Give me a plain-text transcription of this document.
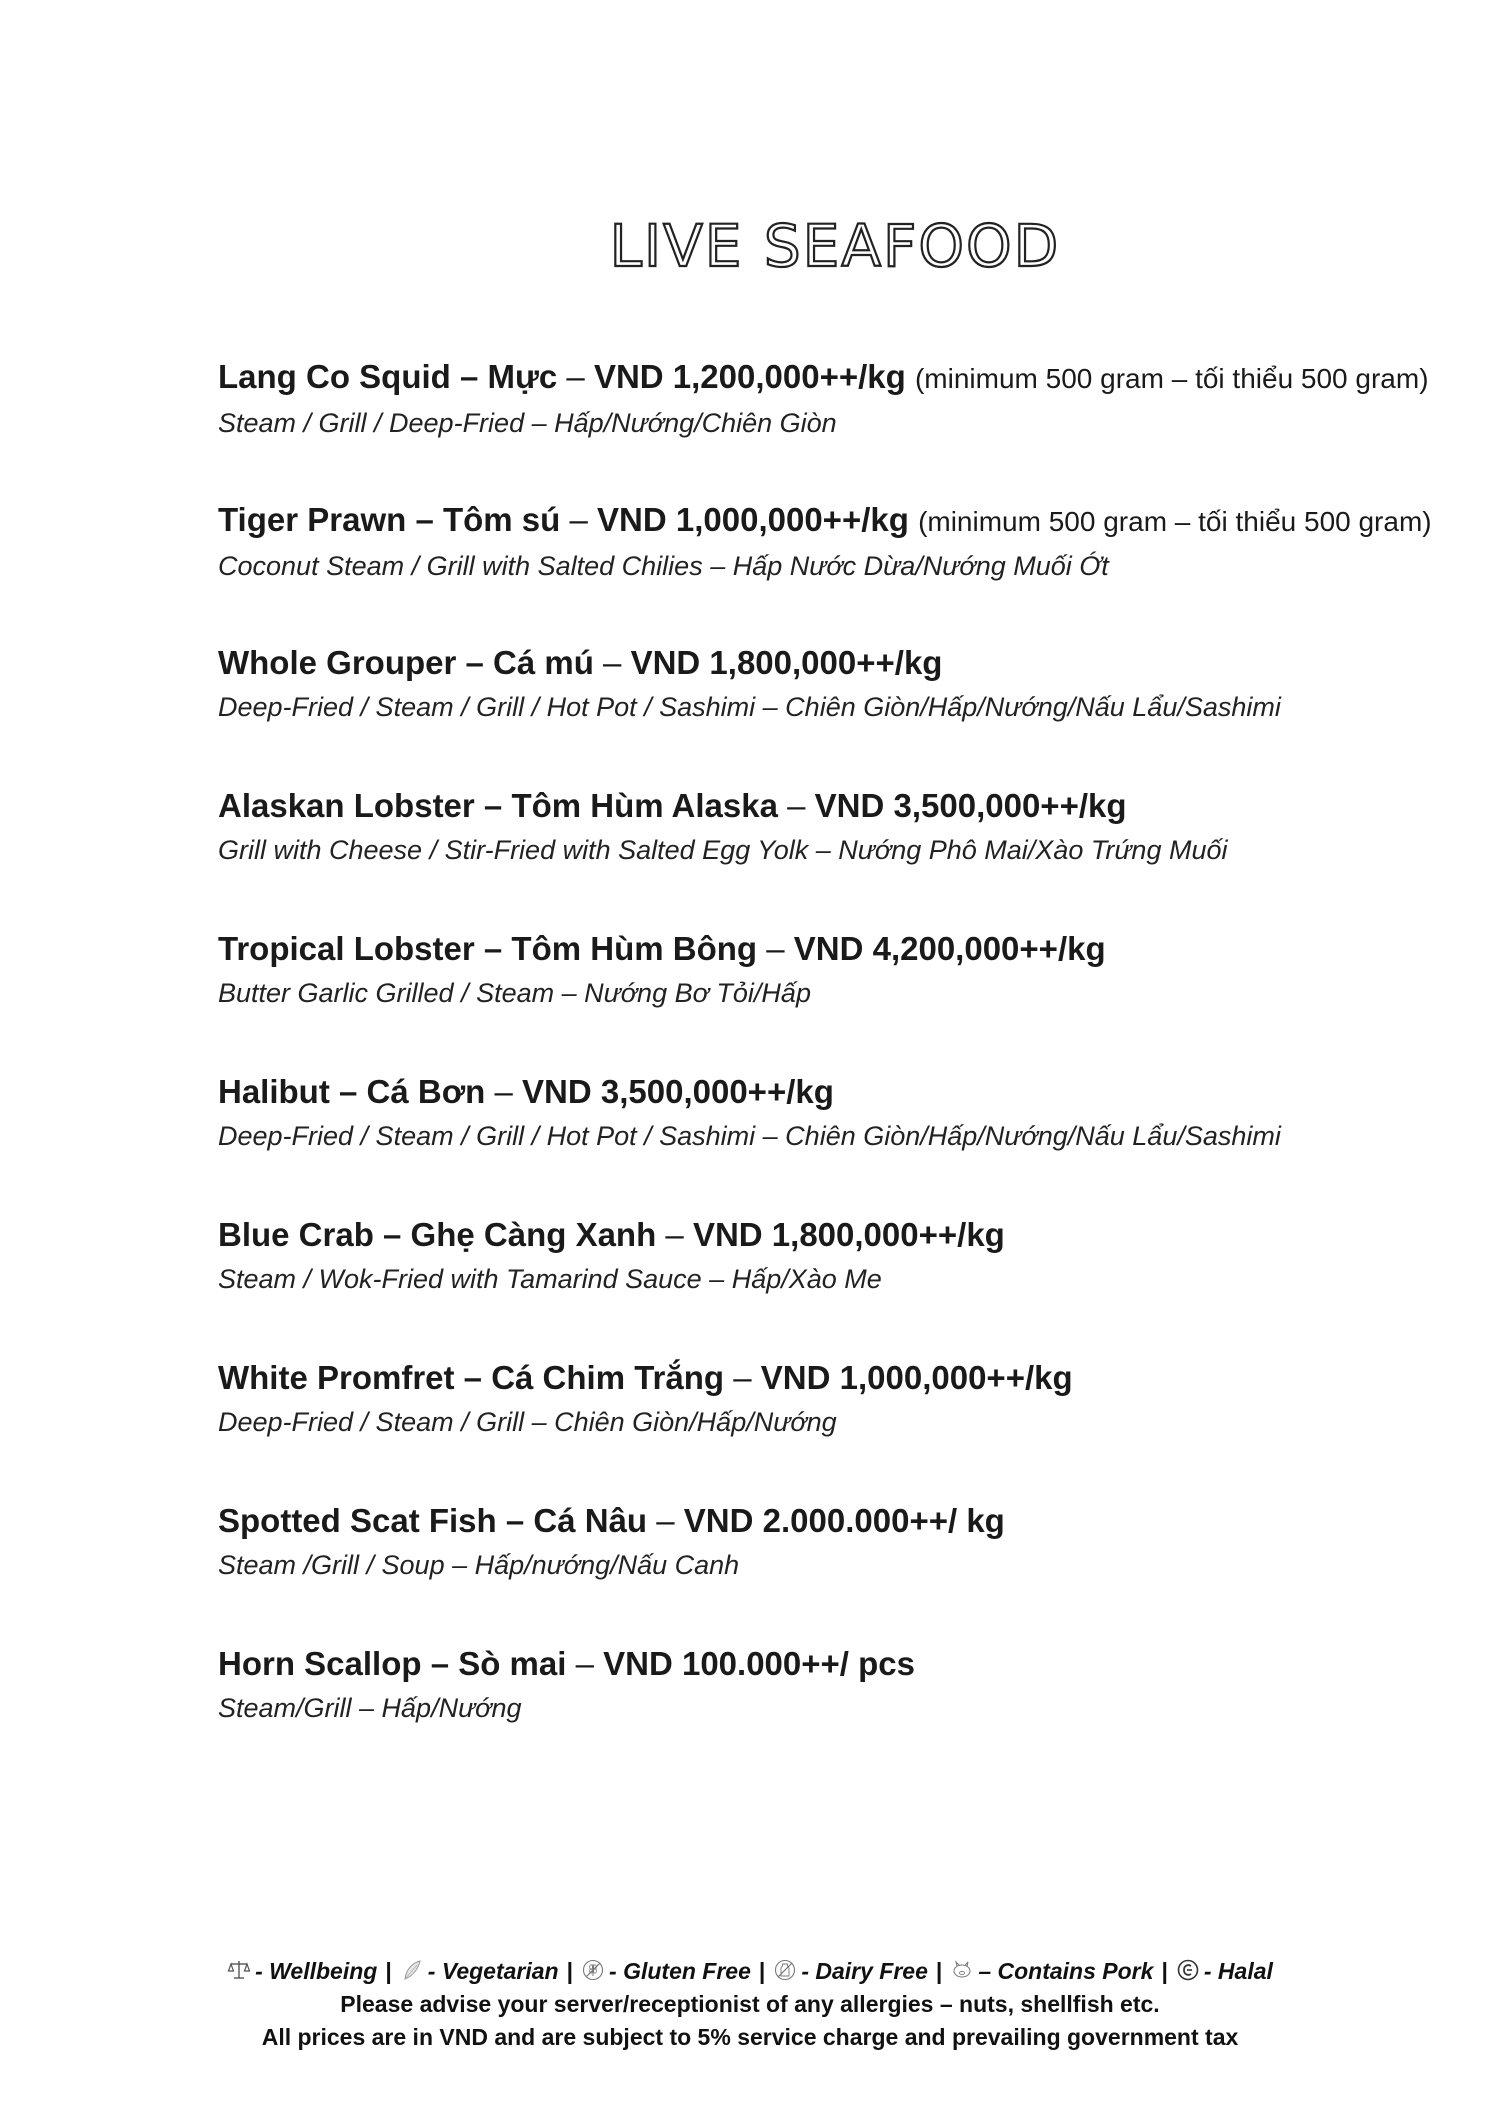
LIVE SEAFOOD
Lang Co Squid – Mực – VND 1,200,000++/kg (minimum 500 gram – tối thiểu 500 gram)
Steam / Grill / Deep-Fried – Hấp/Nướng/Chiên Giòn
Tiger Prawn – Tôm sú – VND 1,000,000++/kg (minimum 500 gram – tối thiểu 500 gram)
Coconut Steam / Grill with Salted Chilies – Hấp Nước Dừa/Nướng Muối Ớt
Whole Grouper – Cá mú – VND 1,800,000++/kg
Deep-Fried / Steam / Grill / Hot Pot / Sashimi – Chiên Giòn/Hấp/Nướng/Nấu Lẩu/Sashimi
Alaskan Lobster – Tôm Hùm Alaska – VND 3,500,000++/kg
Grill with Cheese / Stir-Fried with Salted Egg Yolk – Nướng Phô Mai/Xào Trứng Muối
Tropical Lobster – Tôm Hùm Bông – VND 4,200,000++/kg
Butter Garlic Grilled / Steam – Nướng Bơ Tỏi/Hấp
Halibut – Cá Bơn – VND 3,500,000++/kg
Deep-Fried / Steam / Grill / Hot Pot / Sashimi – Chiên Giòn/Hấp/Nướng/Nấu Lẩu/Sashimi
Blue Crab – Ghẹ Càng Xanh – VND 1,800,000++/kg
Steam / Wok-Fried with Tamarind Sauce – Hấp/Xào Me
White Promfret – Cá Chim Trắng – VND 1,000,000++/kg
Deep-Fried / Steam / Grill – Chiên Giòn/Hấp/Nướng
Spotted Scat Fish – Cá Nâu – VND 2.000.000++/ kg
Steam /Grill / Soup – Hấp/nướng/Nấu Canh
Horn Scallop – Sò mai – VND 100.000++/ pcs
Steam/Grill – Hấp/Nướng
- Wellbeing | - Vegetarian | - Gluten Free | - Dairy Free | – Contains Pork | - Halal
Please advise your server/receptionist of any allergies – nuts, shellfish etc.
All prices are in VND and are subject to 5% service charge and prevailing government tax
